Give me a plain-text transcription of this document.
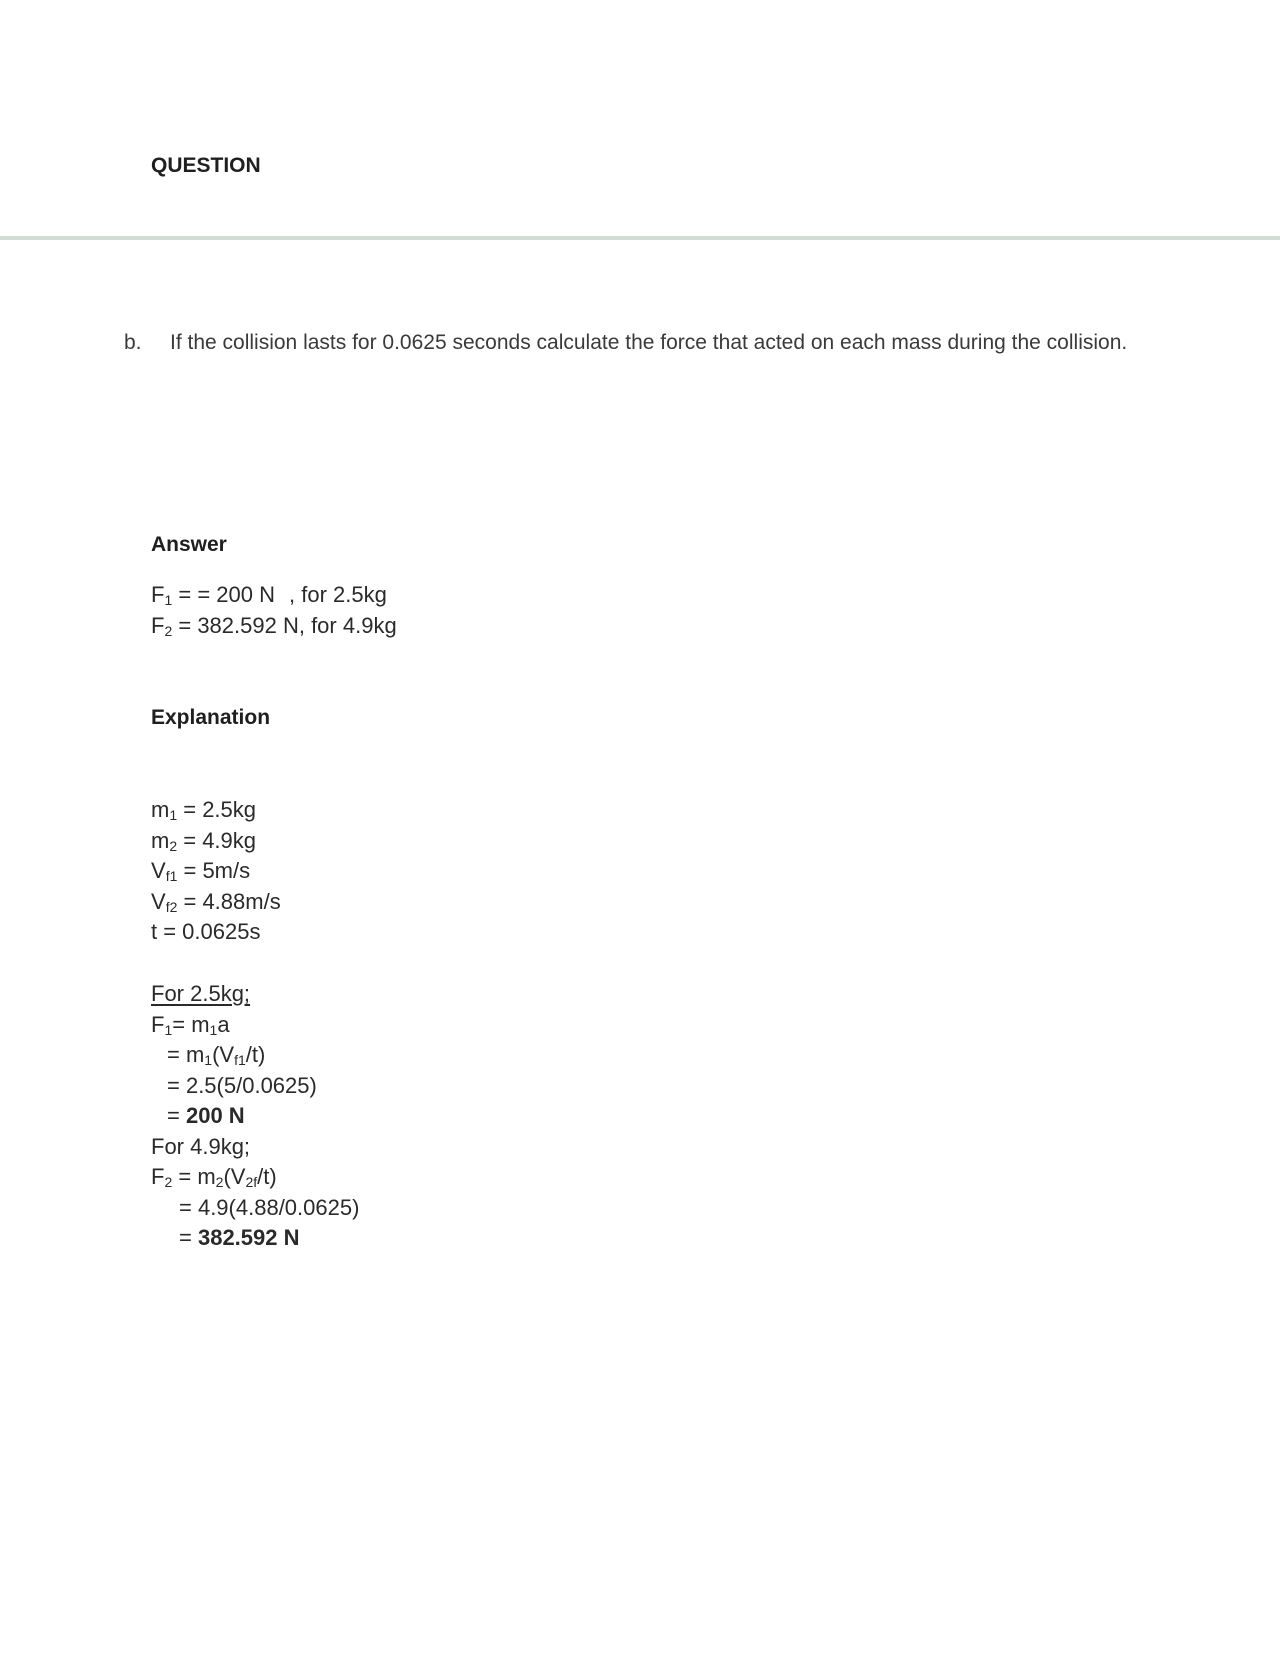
QUESTION
b. If the collision lasts for 0.0625 seconds calculate the force that acted on each mass during the collision.
Answer
$F_1$ = = 200 N , for 2.5kg
$F_2 = 382.592$ N, for 4.9kg
Explanation
$m_1 = 2.5kg$
$m_2 = 4.9kg$
$V_{f1} = 5m/s$
$V_{f2} = 4.88m/s$
t = 0.0625s
For 2.5kg;
$F_1= m_1a$
= $m_1(V_{f1}/t)$
= 2.5(5/0.0625)
= 200 N
For 4.9kg;
$F_2 = m_2(V_{2f}/t)$
= 4.9(4.88/0.0625)
= 382.592 N
